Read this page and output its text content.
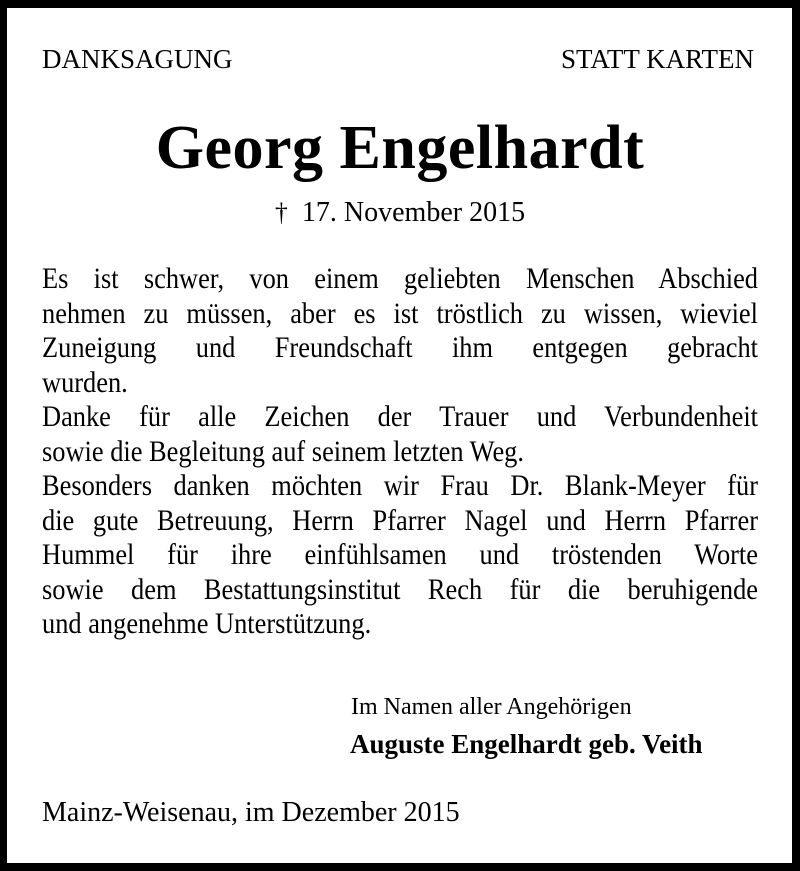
DANKSAGUNG	STATT KARTEN
Georg Engelhardt
† 17. November 2015
Es ist schwer, von einem geliebten Menschen Abschied
nehmen zu müssen, aber es ist tröstlich zu wissen, wieviel
Zuneigung und Freundschaft ihm entgegen gebracht
wurden.
Danke für alle Zeichen der Trauer und Verbundenheit
sowie die Begleitung auf seinem letzten Weg.
Besonders danken möchten wir Frau Dr. Blank-Meyer für
die gute Betreuung, Herrn Pfarrer Nagel und Herrn Pfarrer
Hummel für ihre einfühlsamen und tröstenden Worte
sowie dem Bestattungsinstitut Rech für die beruhigende
und angenehme Unterstützung.
Im Namen aller Angehörigen
Auguste Engelhardt geb. Veith
Mainz-Weisenau, im Dezember 2015
